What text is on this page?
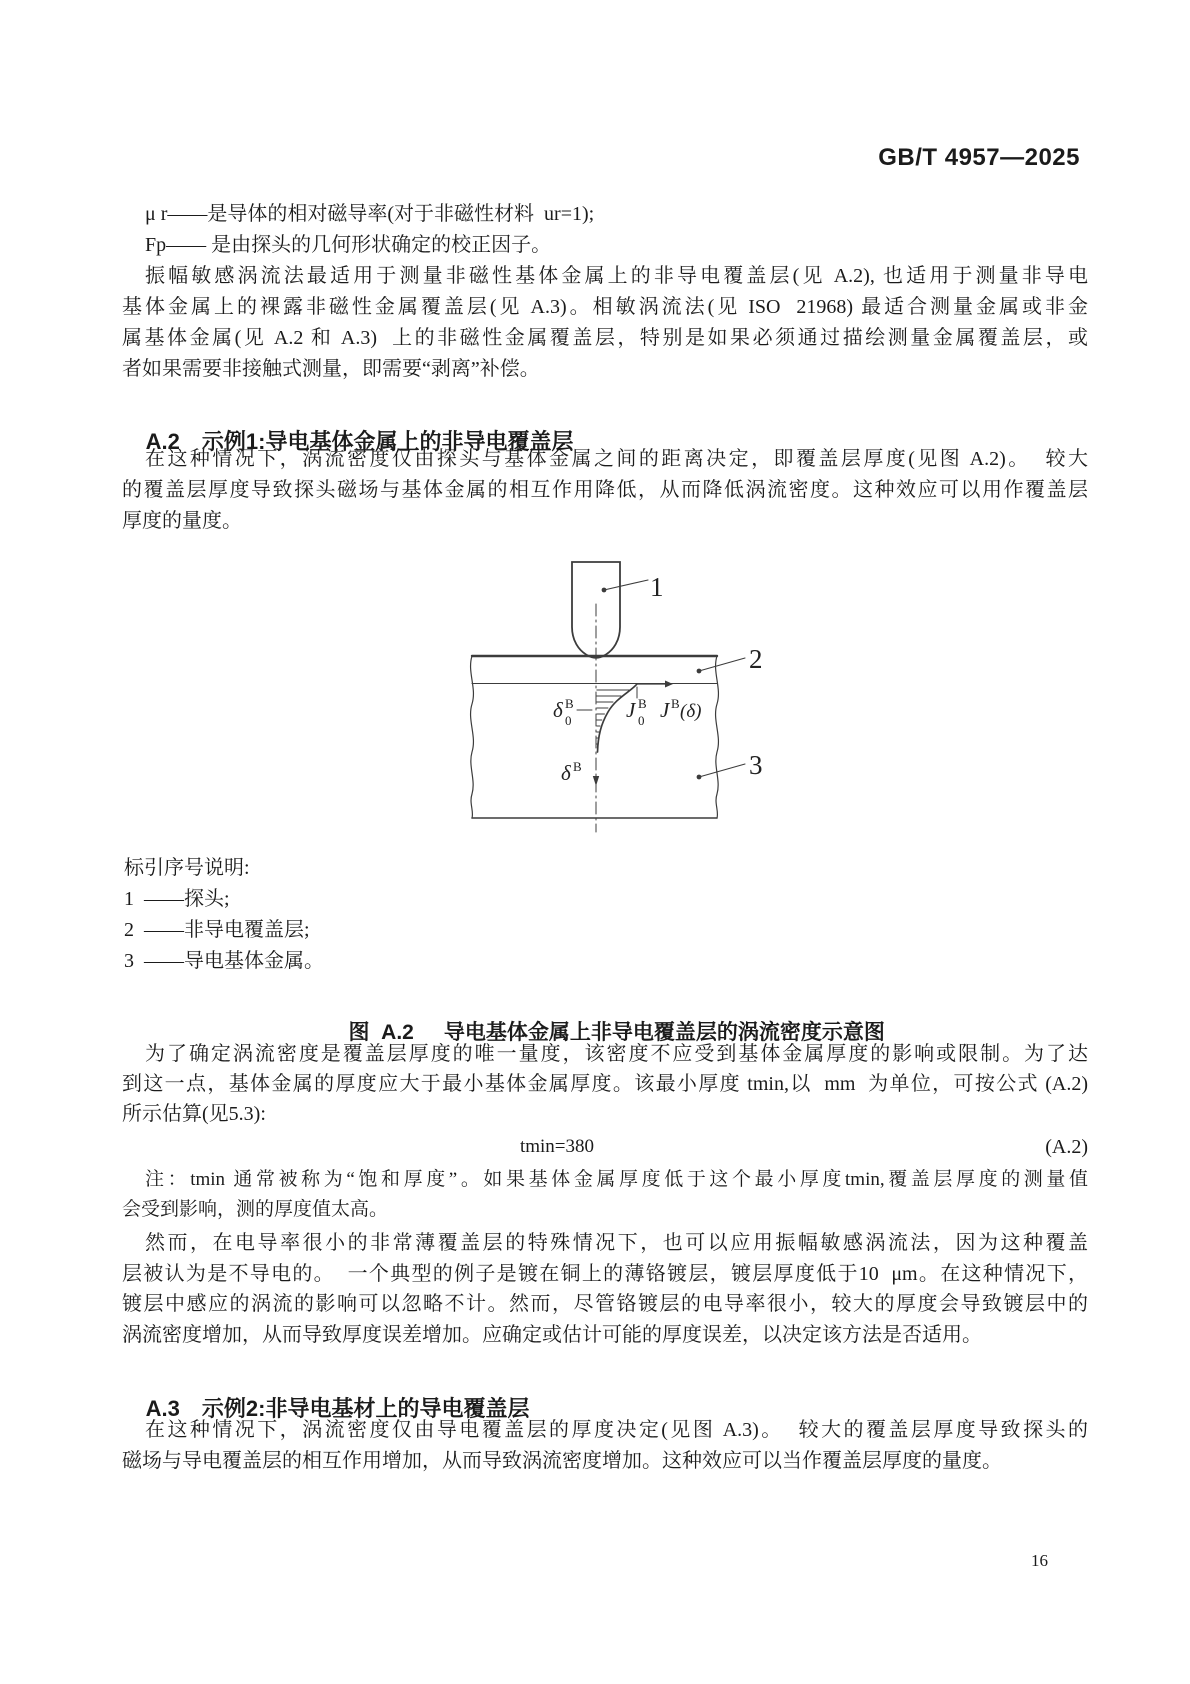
GB/T 4957—2025
μ r——是导体的相对磁导率(对于非磁性材料  ur=1);
Fp—— 是由探头的几何形状确定的校正因子。
振幅敏感涡流法最适用于测量非磁性基体金属上的非导电覆盖层(见 A.2), 也适用于测量非导电
基体金属上的裸露非磁性金属覆盖层(见 A.3)。相敏涡流法(见 ISO  21968) 最适合测量金属或非金
属基体金属(见 A.2 和 A.3)  上的非磁性金属覆盖层，特别是如果必须通过描绘测量金属覆盖层，或
者如果需要非接触式测量，即需要“剥离”补偿。

A.2 示例1:导电基体金属上的非导电覆盖层

在这种情况下，涡流密度仅由探头与基体金属之间的距离决定，即覆盖层厚度(见图 A.2)。  较大
的覆盖层厚度导致探头磁场与基体金属的相互作用降低，从而降低涡流密度。这种效应可以用作覆盖层
厚度的量度。
1
2
3
δ B
0	J B
0 J B (δ)
δ B
标引序号说明:
1  ——探头;
2  ——非导电覆盖层;
3  ——导电基体金属。

图  A.2 导电基体金属上非导电覆盖层的涡流密度示意图

为了确定涡流密度是覆盖层厚度的唯一量度，该密度不应受到基体金属厚度的影响或限制。为了达
到这一点，基体金属的厚度应大于最小基体金属厚度。该最小厚度 tmin,以  mm  为单位，可按公式 (A.2)
所示估算(见5.3):
tmin=380	(A.2)
注：tmin 通常被称为“饱和厚度”。如果基体金属厚度低于这个最小厚度tmin,覆盖层厚度的测量值
会受到影响，测的厚度值太高。
然而，在电导率很小的非常薄覆盖层的特殊情况下，也可以应用振幅敏感涡流法，因为这种覆盖
层被认为是不导电的。  一个典型的例子是镀在铜上的薄铬镀层，镀层厚度低于10  μm。在这种情况下，
镀层中感应的涡流的影响可以忽略不计。然而，尽管铬镀层的电导率很小，较大的厚度会导致镀层中的
涡流密度增加，从而导致厚度误差增加。应确定或估计可能的厚度误差，以决定该方法是否适用。

A.3 示例2:非导电基材上的导电覆盖层

在这种情况下，涡流密度仅由导电覆盖层的厚度决定(见图 A.3)。  较大的覆盖层厚度导致探头的
磁场与导电覆盖层的相互作用增加，从而导致涡流密度增加。这种效应可以当作覆盖层厚度的量度。
16
